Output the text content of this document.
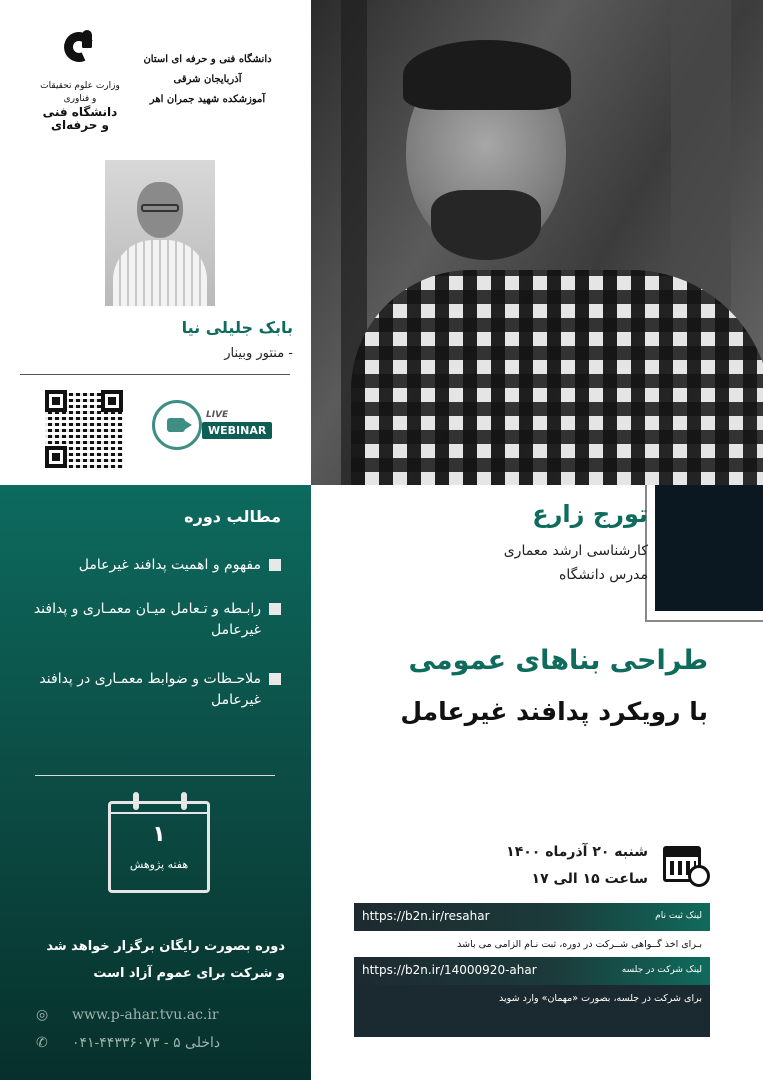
وزارت علوم تحقیقات و فناوری
دانشگاه فنی و حرفه‌ای
دانشگاه فنی و حرفه ای استان آذربایجان شرقی
آموزشکده شهید جمران اهر
بابک جلیلی نیا
- منتور وبینار
LIVE
WEBINAR
مطالب دوره
مفهوم و اهمیت پدافند غیرعامل
رابـطه و تـعامل میـان معمـاری و پدافند غیرعامل
ملاحـظات و ضوابط معمـاری در پدافند غیرعامل
۱
هفته پژوهش
دوره بصورت رایگان برگزار خواهد شد
و شرکت برای عموم آزاد است
◎ www.p-ahar.tvu.ac.ir
✆ ۰۴۱-۴۴۳۳۶۰۷۳ - داخلی ۵
تورج زارع
کارشناسی ارشد معماری
مدرس دانشگاه
طراحی بناهای عمومی
با رویکرد پدافند غیرعامل
شنبه ۲۰ آذرماه ۱۴۰۰
ساعت ۱۵ الی ۱۷
https://b2n.ir/resahar	لینک ثبت نام
بـرای اخذ گــواهی شــرکت در دوره، ثبت نـام الزامی می باشد
https://b2n.ir/14000920-ahar	لینک شرکت در جلسه
برای شرکت در جلسه، بصورت «مهمان» وارد شوید
